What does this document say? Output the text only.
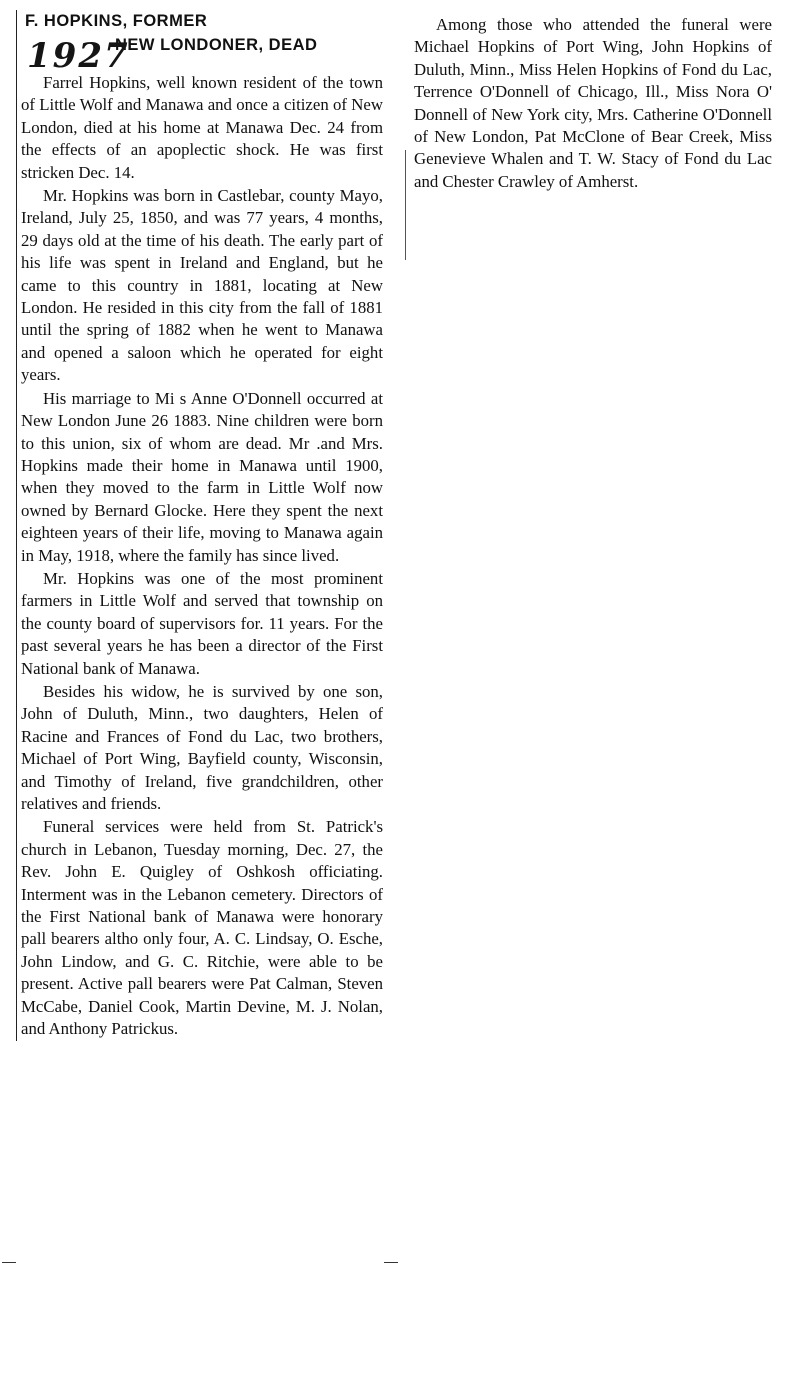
F. HOPKINS, FORMER
1927
NEW LONDONER, DEAD

Farrel Hopkins, well known resident of the town of Little Wolf and Manawa and once a citizen of New London, died at his home at Manawa Dec. 24 from the effects of an apoplectic shock. He was first stricken Dec. 14.

Mr. Hopkins was born in Castlebar, county Mayo, Ireland, July 25, 1850, and was 77 years, 4 months, 29 days old at the time of his death. The early part of his life was spent in Ireland and England, but he came to this country in 1881, locating at New London. He resided in this city from the fall of 1881 until the spring of 1882 when he went to Manawa and opened a saloon which he operated for eight years.

His marriage to Mi s Anne O'Donnell occurred at New London June 26 1883. Nine children were born to this union, six of whom are dead. Mr .and Mrs. Hopkins made their home in Manawa until 1900, when they moved to the farm in Little Wolf now owned by Bernard Glocke. Here they spent the next eighteen years of their life, moving to Manawa again in May, 1918, where the family has since lived.

Mr. Hopkins was one of the most prominent farmers in Little Wolf and served that township on the county board of supervisors for. 11 years. For the past several years he has been a director of the First National bank of Manawa.

Besides his widow, he is survived by one son, John of Duluth, Minn., two daughters, Helen of Racine and Frances of Fond du Lac, two brothers, Michael of Port Wing, Bayfield county, Wisconsin, and Timothy of Ireland, five grandchildren, other relatives and friends.

Funeral services were held from St. Patrick's church in Lebanon, Tuesday morning, Dec. 27, the Rev. John E. Quigley of Oshkosh officiating. Interment was in the Lebanon cemetery. Directors of the First National bank of Manawa were honorary pall bearers altho only four, A. C. Lindsay, O. Esche, John Lindow, and G. C. Ritchie, were able to be present. Active pall bearers were Pat Calman, Steven McCabe, Daniel Cook, Martin Devine, M. J. Nolan, and Anthony Patrickus.

Among those who attended the funeral were Michael Hopkins of Port Wing, John Hopkins of Duluth, Minn., Miss Helen Hopkins of Fond du Lac, Terrence O'Donnell of Chicago, Ill., Miss Nora O' Donnell of New York city, Mrs. Catherine O'Donnell of New London, Pat McClone of Bear Creek, Miss Genevieve Whalen and T. W. Stacy of Fond du Lac and Chester Crawley of Amherst.
